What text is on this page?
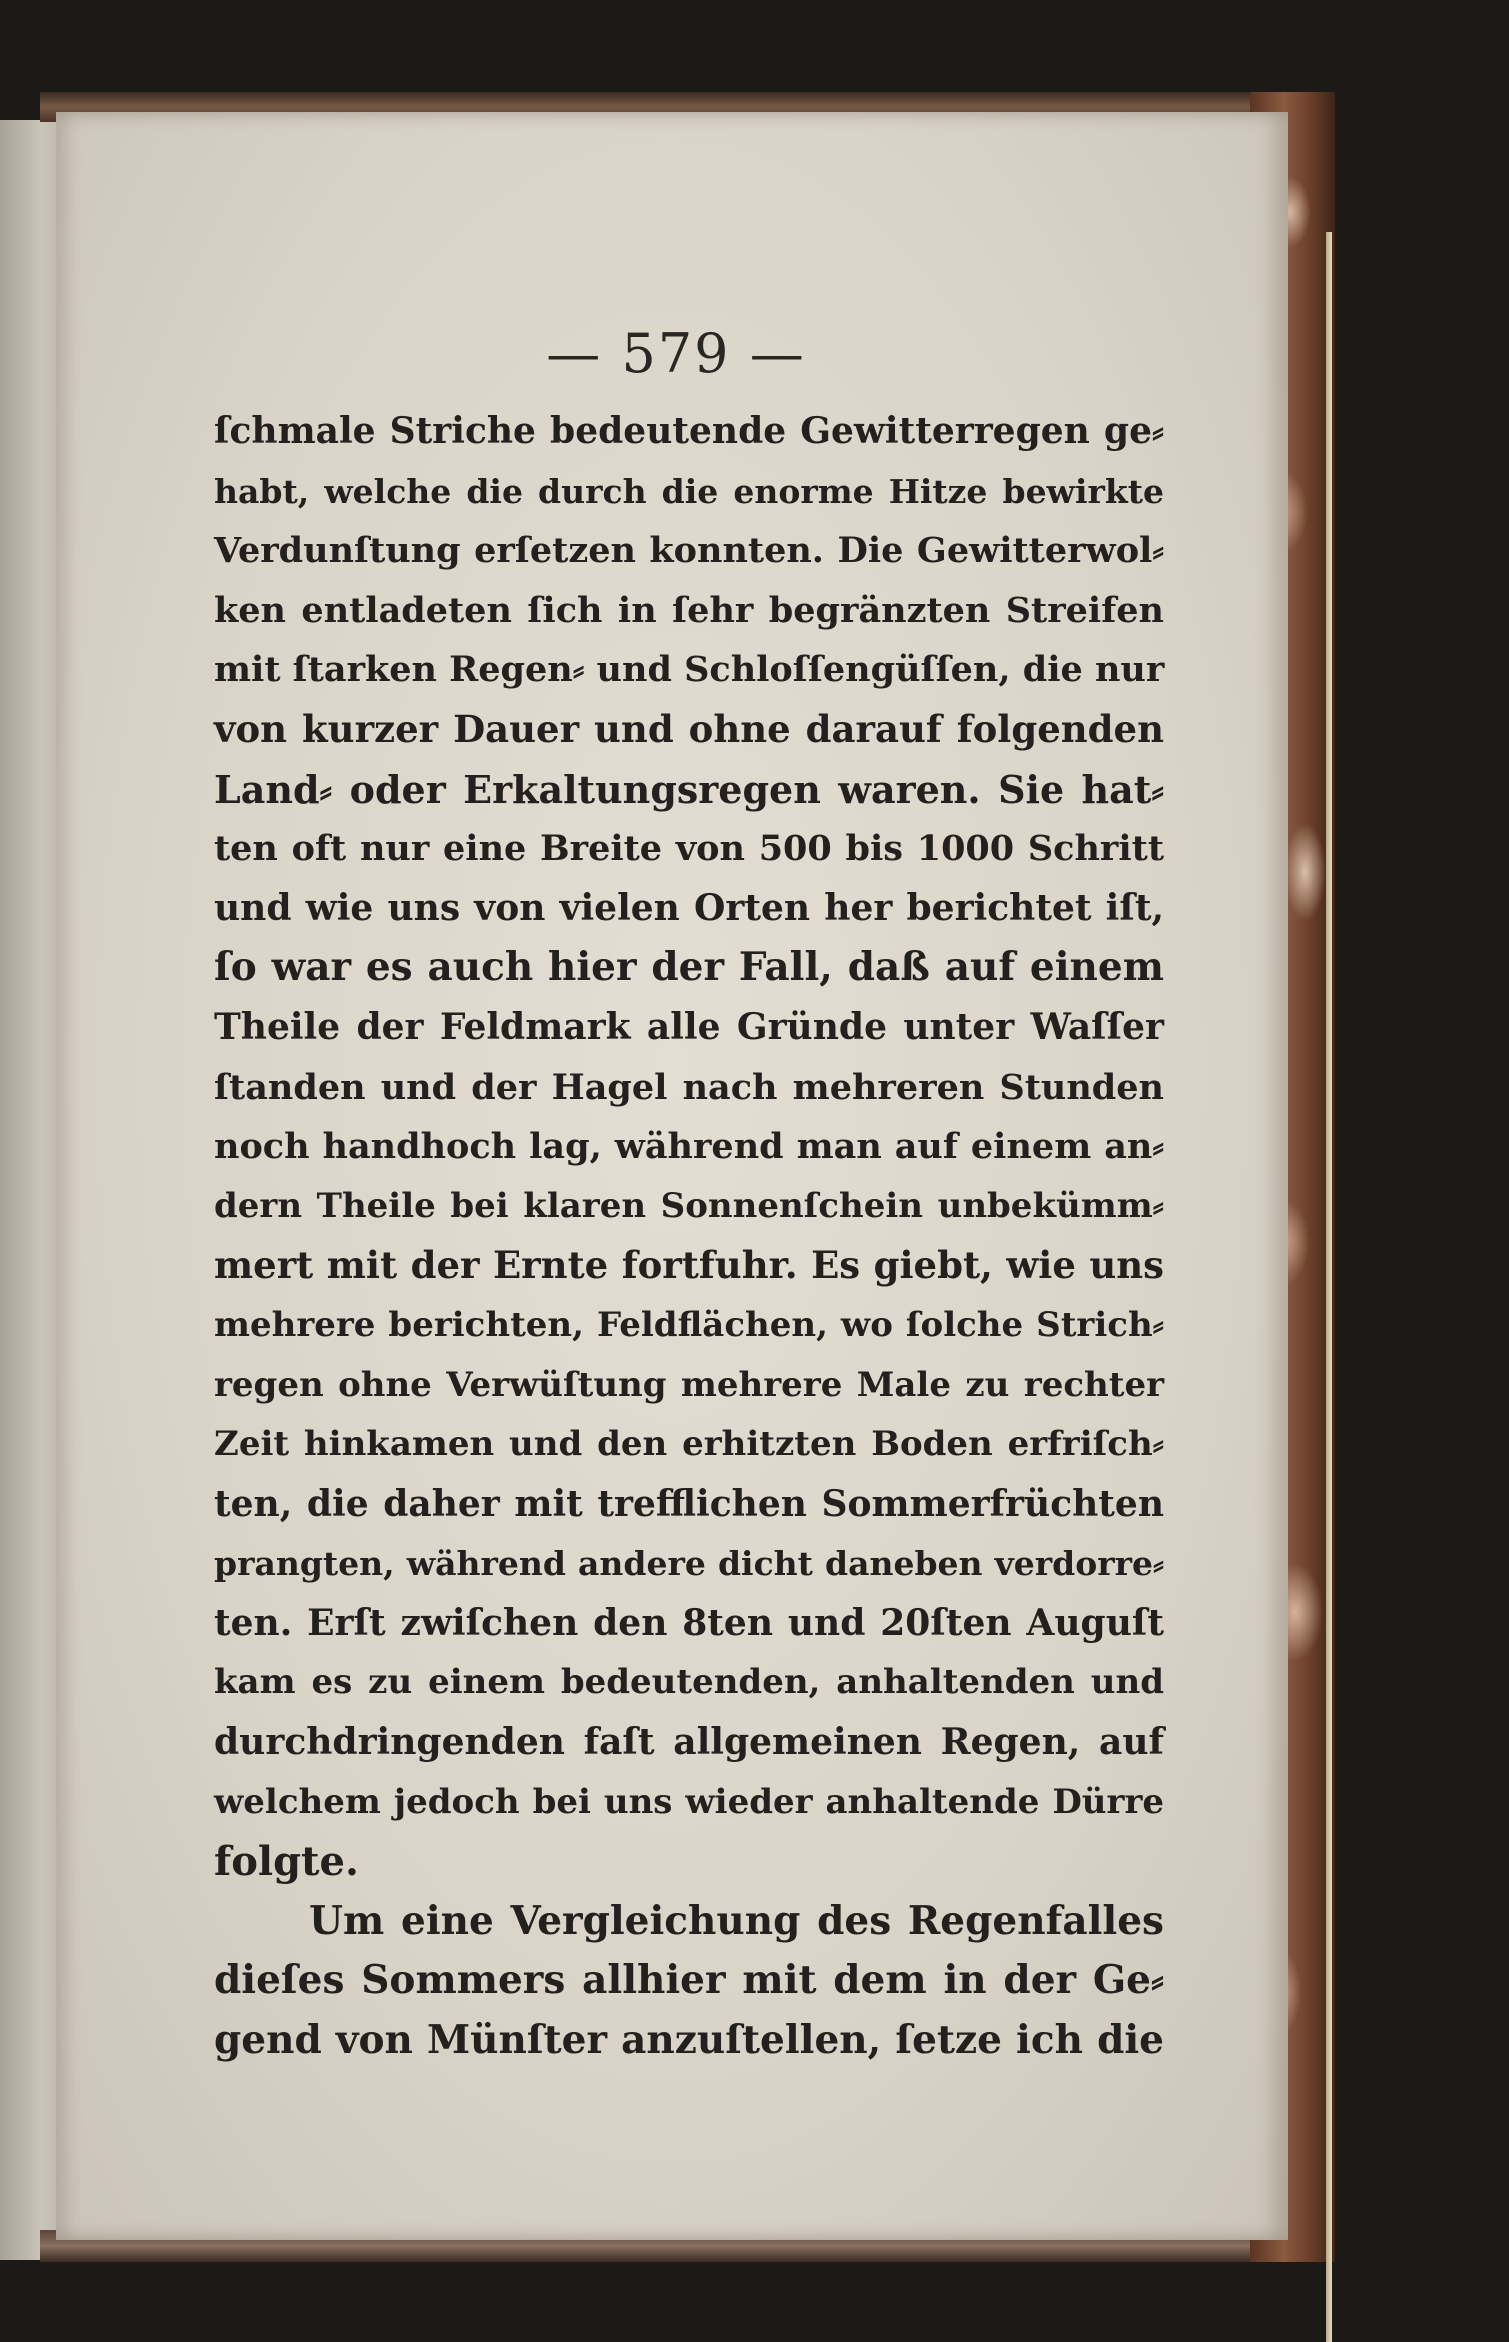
— 579 —
ſchmale Striche bedeutende Gewitterregen ge⸗
habt, welche die durch die enorme Hitze bewirkte
Verdunſtung erſetzen konnten. Die Gewitterwol⸗
ken entladeten ſich in ſehr begränzten Streifen
mit ſtarken Regen⸗ und Schloſſengüſſen, die nur
von kurzer Dauer und ohne darauf folgenden
Land⸗ oder Erkaltungsregen waren. Sie hat⸗
ten oft nur eine Breite von 500 bis 1000 Schritt
und wie uns von vielen Orten her berichtet iſt,
ſo war es auch hier der Fall, daß auf einem
Theile der Feldmark alle Gründe unter Waſſer
ſtanden und der Hagel nach mehreren Stunden
noch handhoch lag, während man auf einem an⸗
dern Theile bei klaren Sonnenſchein unbekümm⸗
mert mit der Ernte fortfuhr. Es giebt, wie uns
mehrere berichten, Feldflächen, wo ſolche Strich⸗
regen ohne Verwüſtung mehrere Male zu rechter
Zeit hinkamen und den erhitzten Boden erfriſch⸗
ten, die daher mit trefflichen Sommerfrüchten
prangten, während andere dicht daneben verdorre⸗
ten. Erſt zwiſchen den 8ten und 20ſten Auguſt
kam es zu einem bedeutenden, anhaltenden und
durchdringenden faſt allgemeinen Regen, auf
welchem jedoch bei uns wieder anhaltende Dürre
folgte.
Um eine Vergleichung des Regenfalles
dieſes Sommers allhier mit dem in der Ge⸗
gend von Münſter anzuſtellen, ſetze ich die
